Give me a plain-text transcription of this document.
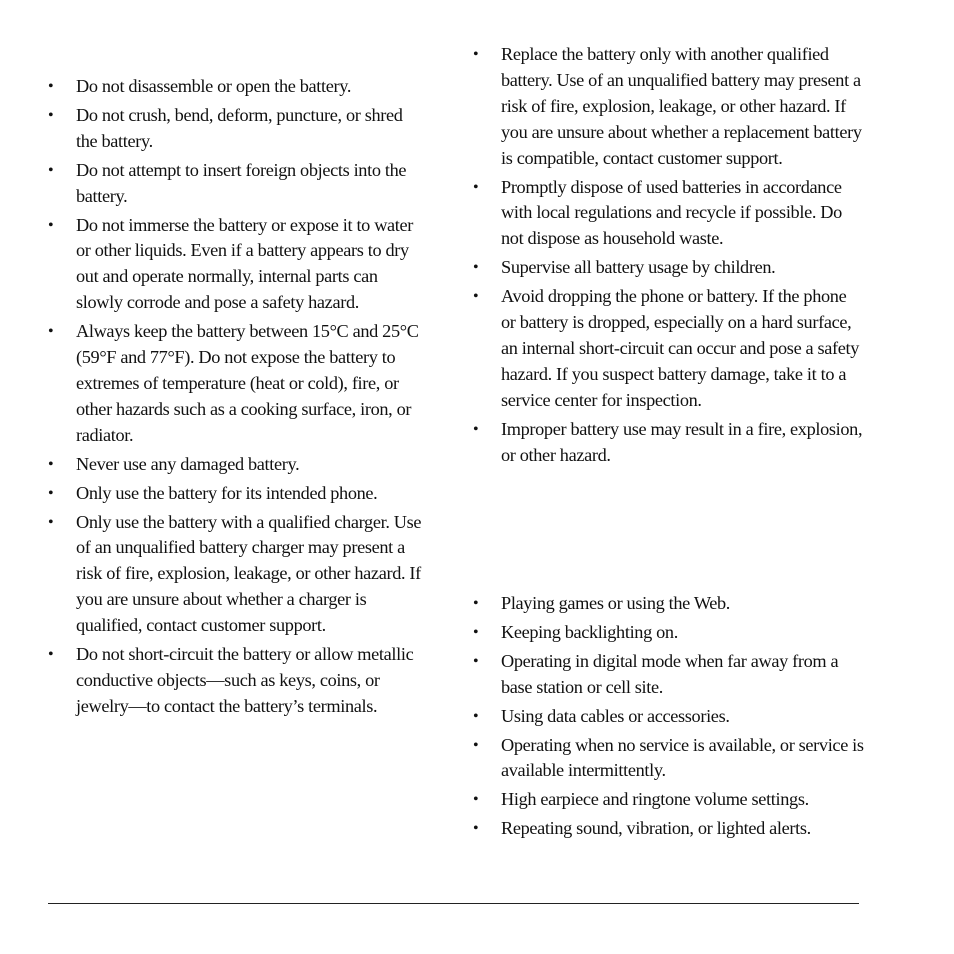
• Do not disassemble or open the battery.
• Do not crush, bend, deform, puncture, or shred the battery.
• Do not attempt to insert foreign objects into the battery.
• Do not immerse the battery or expose it to water or other liquids. Even if a battery appears to dry out and operate normally, internal parts can slowly corrode and pose a safety hazard.
• Always keep the battery between 15°C and 25°C (59°F and 77°F). Do not expose the battery to extremes of temperature (heat or cold), fire, or other hazards such as a cooking surface, iron, or radiator.
• Never use any damaged battery.
• Only use the battery for its intended phone.
• Only use the battery with a qualified charger. Use of an unqualified battery charger may present a risk of fire, explosion, leakage, or other hazard. If you are unsure about whether a charger is qualified, contact customer support.
• Do not short-circuit the battery or allow metallic conductive objects—such as keys, coins, or jewelry—to contact the battery’s terminals.
• Replace the battery only with another qualified battery. Use of an unqualified battery may present a risk of fire, explosion, leakage, or other hazard. If you are unsure about whether a replacement battery is compatible, contact customer support.
• Promptly dispose of used batteries in accordance with local regulations and recycle if possible. Do not dispose as household waste.
• Supervise all battery usage by children.
• Avoid dropping the phone or battery. If the phone or battery is dropped, especially on a hard surface, an internal short-circuit can occur and pose a safety hazard. If you suspect battery damage, take it to a service center for inspection.
• Improper battery use may result in a fire, explosion, or other hazard.
• Playing games or using the Web.
• Keeping backlighting on.
• Operating in digital mode when far away from a base station or cell site.
• Using data cables or accessories.
• Operating when no service is available, or service is available intermittently.
• High earpiece and ringtone volume settings.
• Repeating sound, vibration, or lighted alerts.
